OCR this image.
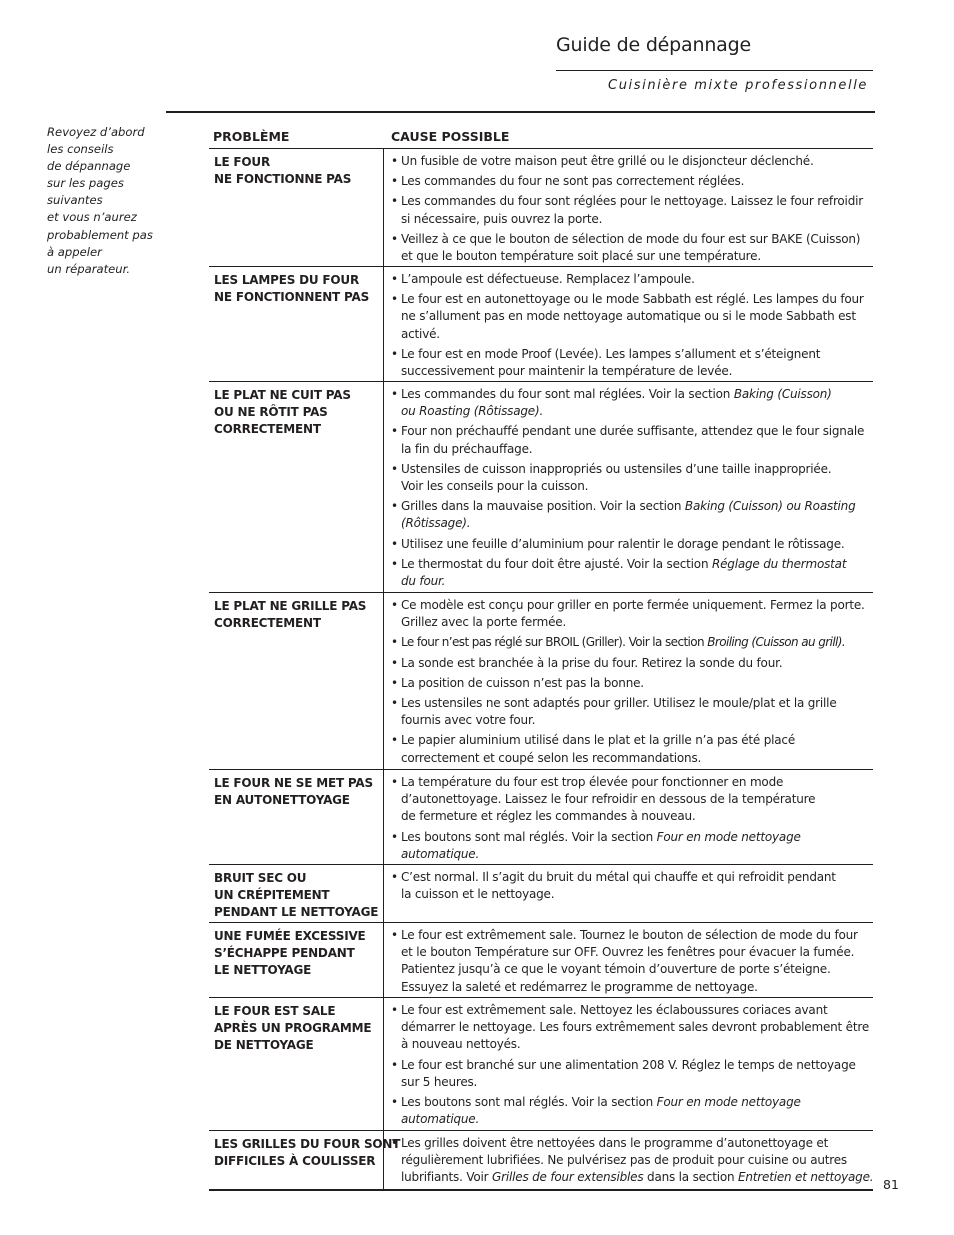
Guide de dépannage
Cuisinière mixte professionnelle
Revoyez d’abord
les conseils
de dépannage
sur les pages
suivantes
et vous n’aurez
probablement pas
à appeler
un réparateur.
PROBLÈME	CAUSE POSSIBLE
LE FOUR
NE FONCTIONNE PAS
• Un fusible de votre maison peut être grillé ou le disjoncteur déclenché.
• Les commandes du four ne sont pas correctement réglées.
• Les commandes du four sont réglées pour le nettoyage. Laissez le four refroidir
si nécessaire, puis ouvrez la porte.
• Veillez à ce que le bouton de sélection de mode du four est sur BAKE (Cuisson)
et que le bouton température soit placé sur une température.
LES LAMPES DU FOUR
NE FONCTIONNENT PAS
• L’ampoule est défectueuse. Remplacez l’ampoule.
• Le four est en autonettoyage ou le mode Sabbath est réglé. Les lampes du four
ne s’allument pas en mode nettoyage automatique ou si le mode Sabbath est
activé.
• Le four est en mode Proof (Levée). Les lampes s’allument et s’éteignent
successivement pour maintenir la température de levée.
LE PLAT NE CUIT PAS
OU NE RÔTIT PAS
CORRECTEMENT
• Les commandes du four sont mal réglées. Voir la section Baking (Cuisson)
ou Roasting (Rôtissage).
• Four non préchauffé pendant une durée suffisante, attendez que le four signale
la fin du préchauffage.
• Ustensiles de cuisson inappropriés ou ustensiles d’une taille inappropriée.
Voir les conseils pour la cuisson.
• Grilles dans la mauvaise position. Voir la section Baking (Cuisson) ou Roasting
(Rôtissage).
• Utilisez une feuille d’aluminium pour ralentir le dorage pendant le rôtissage.
• Le thermostat du four doit être ajusté. Voir la section Réglage du thermostat
du four.
LE PLAT NE GRILLE PAS
CORRECTEMENT
• Ce modèle est conçu pour griller en porte fermée uniquement. Fermez la porte.
Grillez avec la porte fermée.
• Le four n’est pas réglé sur BROIL (Griller). Voir la section Broiling (Cuisson au grill).
• La sonde est branchée à la prise du four. Retirez la sonde du four.
• La position de cuisson n’est pas la bonne.
• Les ustensiles ne sont adaptés pour griller. Utilisez le moule/plat et la grille
fournis avec votre four.
• Le papier aluminium utilisé dans le plat et la grille n’a pas été placé
correctement et coupé selon les recommandations.
LE FOUR NE SE MET PAS
EN AUTONETTOYAGE
• La température du four est trop élevée pour fonctionner en mode
d’autonettoyage. Laissez le four refroidir en dessous de la température
de fermeture et réglez les commandes à nouveau.
• Les boutons sont mal réglés. Voir la section Four en mode nettoyage
automatique.
BRUIT SEC OU
UN CRÉPITEMENT
PENDANT LE NETTOYAGE
• C’est normal. Il s’agit du bruit du métal qui chauffe et qui refroidit pendant
la cuisson et le nettoyage.
UNE FUMÉE EXCESSIVE
S’ÉCHAPPE PENDANT
LE NETTOYAGE
• Le four est extrêmement sale. Tournez le bouton de sélection de mode du four
et le bouton Température sur OFF. Ouvrez les fenêtres pour évacuer la fumée.
Patientez jusqu’à ce que le voyant témoin d’ouverture de porte s’éteigne.
Essuyez la saleté et redémarrez le programme de nettoyage.
LE FOUR EST SALE
APRÈS UN PROGRAMME
DE NETTOYAGE
• Le four est extrêmement sale. Nettoyez les éclaboussures coriaces avant
démarrer le nettoyage. Les fours extrêmement sales devront probablement être
à nouveau nettoyés.
• Le four est branché sur une alimentation 208 V. Réglez le temps de nettoyage
sur 5 heures.
• Les boutons sont mal réglés. Voir la section Four en mode nettoyage
automatique.
LES GRILLES DU FOUR SONT
DIFFICILES À COULISSER
• Les grilles doivent être nettoyées dans le programme d’autonettoyage et
régulièrement lubrifiées. Ne pulvérisez pas de produit pour cuisine ou autres
lubrifiants. Voir Grilles de four extensibles dans la section Entretien et nettoyage. 81
